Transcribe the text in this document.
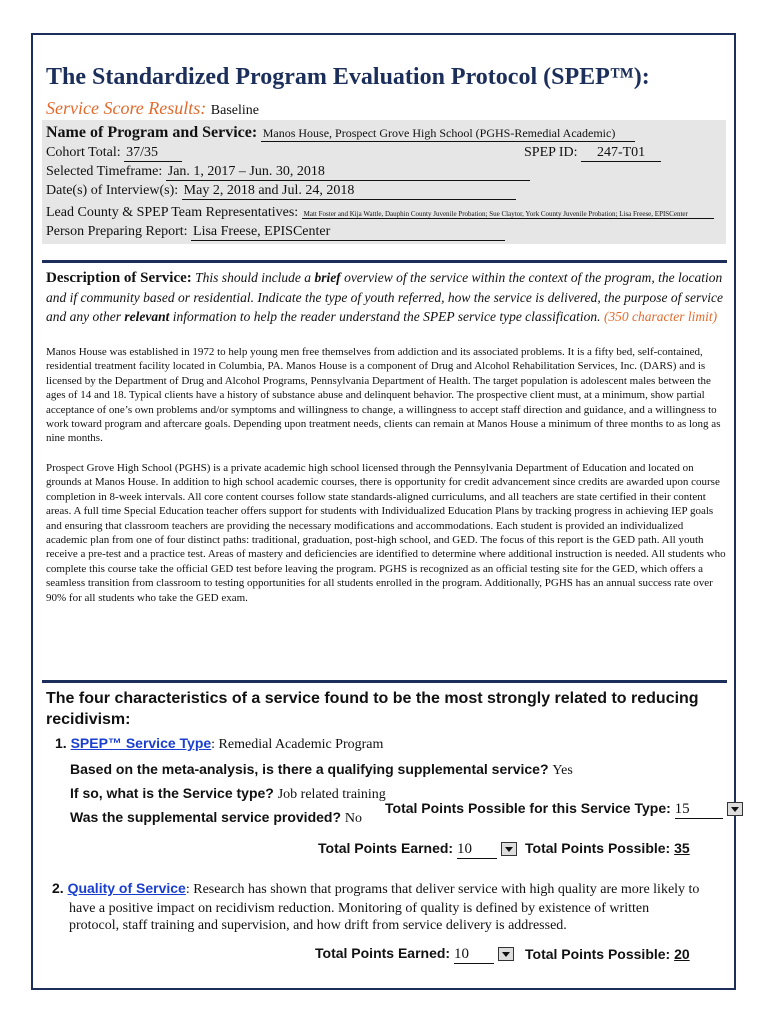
The Standardized Program Evaluation Protocol (SPEP™):
Service Score Results: Baseline
Name of Program and Service: Manos House, Prospect Grove High School (PGHS-Remedial Academic)
Cohort Total: 37/35	SPEP ID: 247-T01
Selected Timeframe: Jan. 1, 2017 – Jun. 30, 2018
Date(s) of Interview(s): May 2, 2018 and Jul. 24, 2018
Lead County & SPEP Team Representatives: Matt Foster and Kija Wattle, Dauphin County Juvenile Probation; Sue Claytor, York County Juvenile Probation; Lisa Freese, EPISCenter
Person Preparing Report: Lisa Freese, EPISCenter
Description of Service: This should include a brief overview of the service within the context of the program, the location and if community based or residential. Indicate the type of youth referred, how the service is delivered, the purpose of service and any other relevant information to help the reader understand the SPEP service type classification. (350 character limit)

Manos House was established in 1972 to help young men free themselves from addiction and its associated problems. It is a fifty bed, self-contained, residential treatment facility located in Columbia, PA. Manos House is a component of Drug and Alcohol Rehabilitation Services, Inc. (DARS) and is licensed by the Department of Drug and Alcohol Programs, Pennsylvania Department of Health. The target population is adolescent males between the ages of 14 and 18. Typical clients have a history of substance abuse and delinquent behavior. The prospective client must, at a minimum, show partial acceptance of one’s own problems and/or symptoms and willingness to change, a willingness to accept staff direction and guidance, and a willingness to work toward program and aftercare goals. Depending upon treatment needs, clients can remain at Manos House a minimum of three months to as long as nine months.

Prospect Grove High School (PGHS) is a private academic high school licensed through the Pennsylvania Department of Education and located on grounds at Manos House. In addition to high school academic courses, there is opportunity for credit advancement since credits are awarded upon course completion in 8-week intervals. All core content courses follow state standards-aligned curriculums, and all teachers are state certified in their content areas. A full time Special Education teacher offers support for students with Individualized Education Plans by tracking progress in achieving IEP goals and ensuring that classroom teachers are providing the necessary modifications and accommodations. Each student is provided an individualized academic plan from one of four distinct paths: traditional, graduation, post-high school, and GED. The focus of this report is the GED path. All youth receive a pre-test and a practice test. Areas of mastery and deficiencies are identified to determine where additional instruction is needed. All students who complete this course take the official GED test before leaving the program. PGHS is recognized as an official testing site for the GED, which offers a seamless transition from classroom to testing opportunities for all students enrolled in the program. Additionally, PGHS has an annual success rate over 90% for all students who take the GED exam.

The four characteristics of a service found to be the most strongly related to reducing recidivism:
1. SPEP™ Service Type: Remedial Academic Program
Based on the meta-analysis, is there a qualifying supplemental service? Yes
If so, what is the Service type? Job related training
Was the supplemental service provided? No
Total Points Possible for this Service Type: 15
Total Points Earned: 10	Total Points Possible: 35
2. Quality of Service: Research has shown that programs that deliver service with high quality are more likely to
have a positive impact on recidivism reduction. Monitoring of quality is defined by existence of written
protocol, staff training and supervision, and how drift from service delivery is addressed.
Total Points Earned: 10	Total Points Possible: 20
